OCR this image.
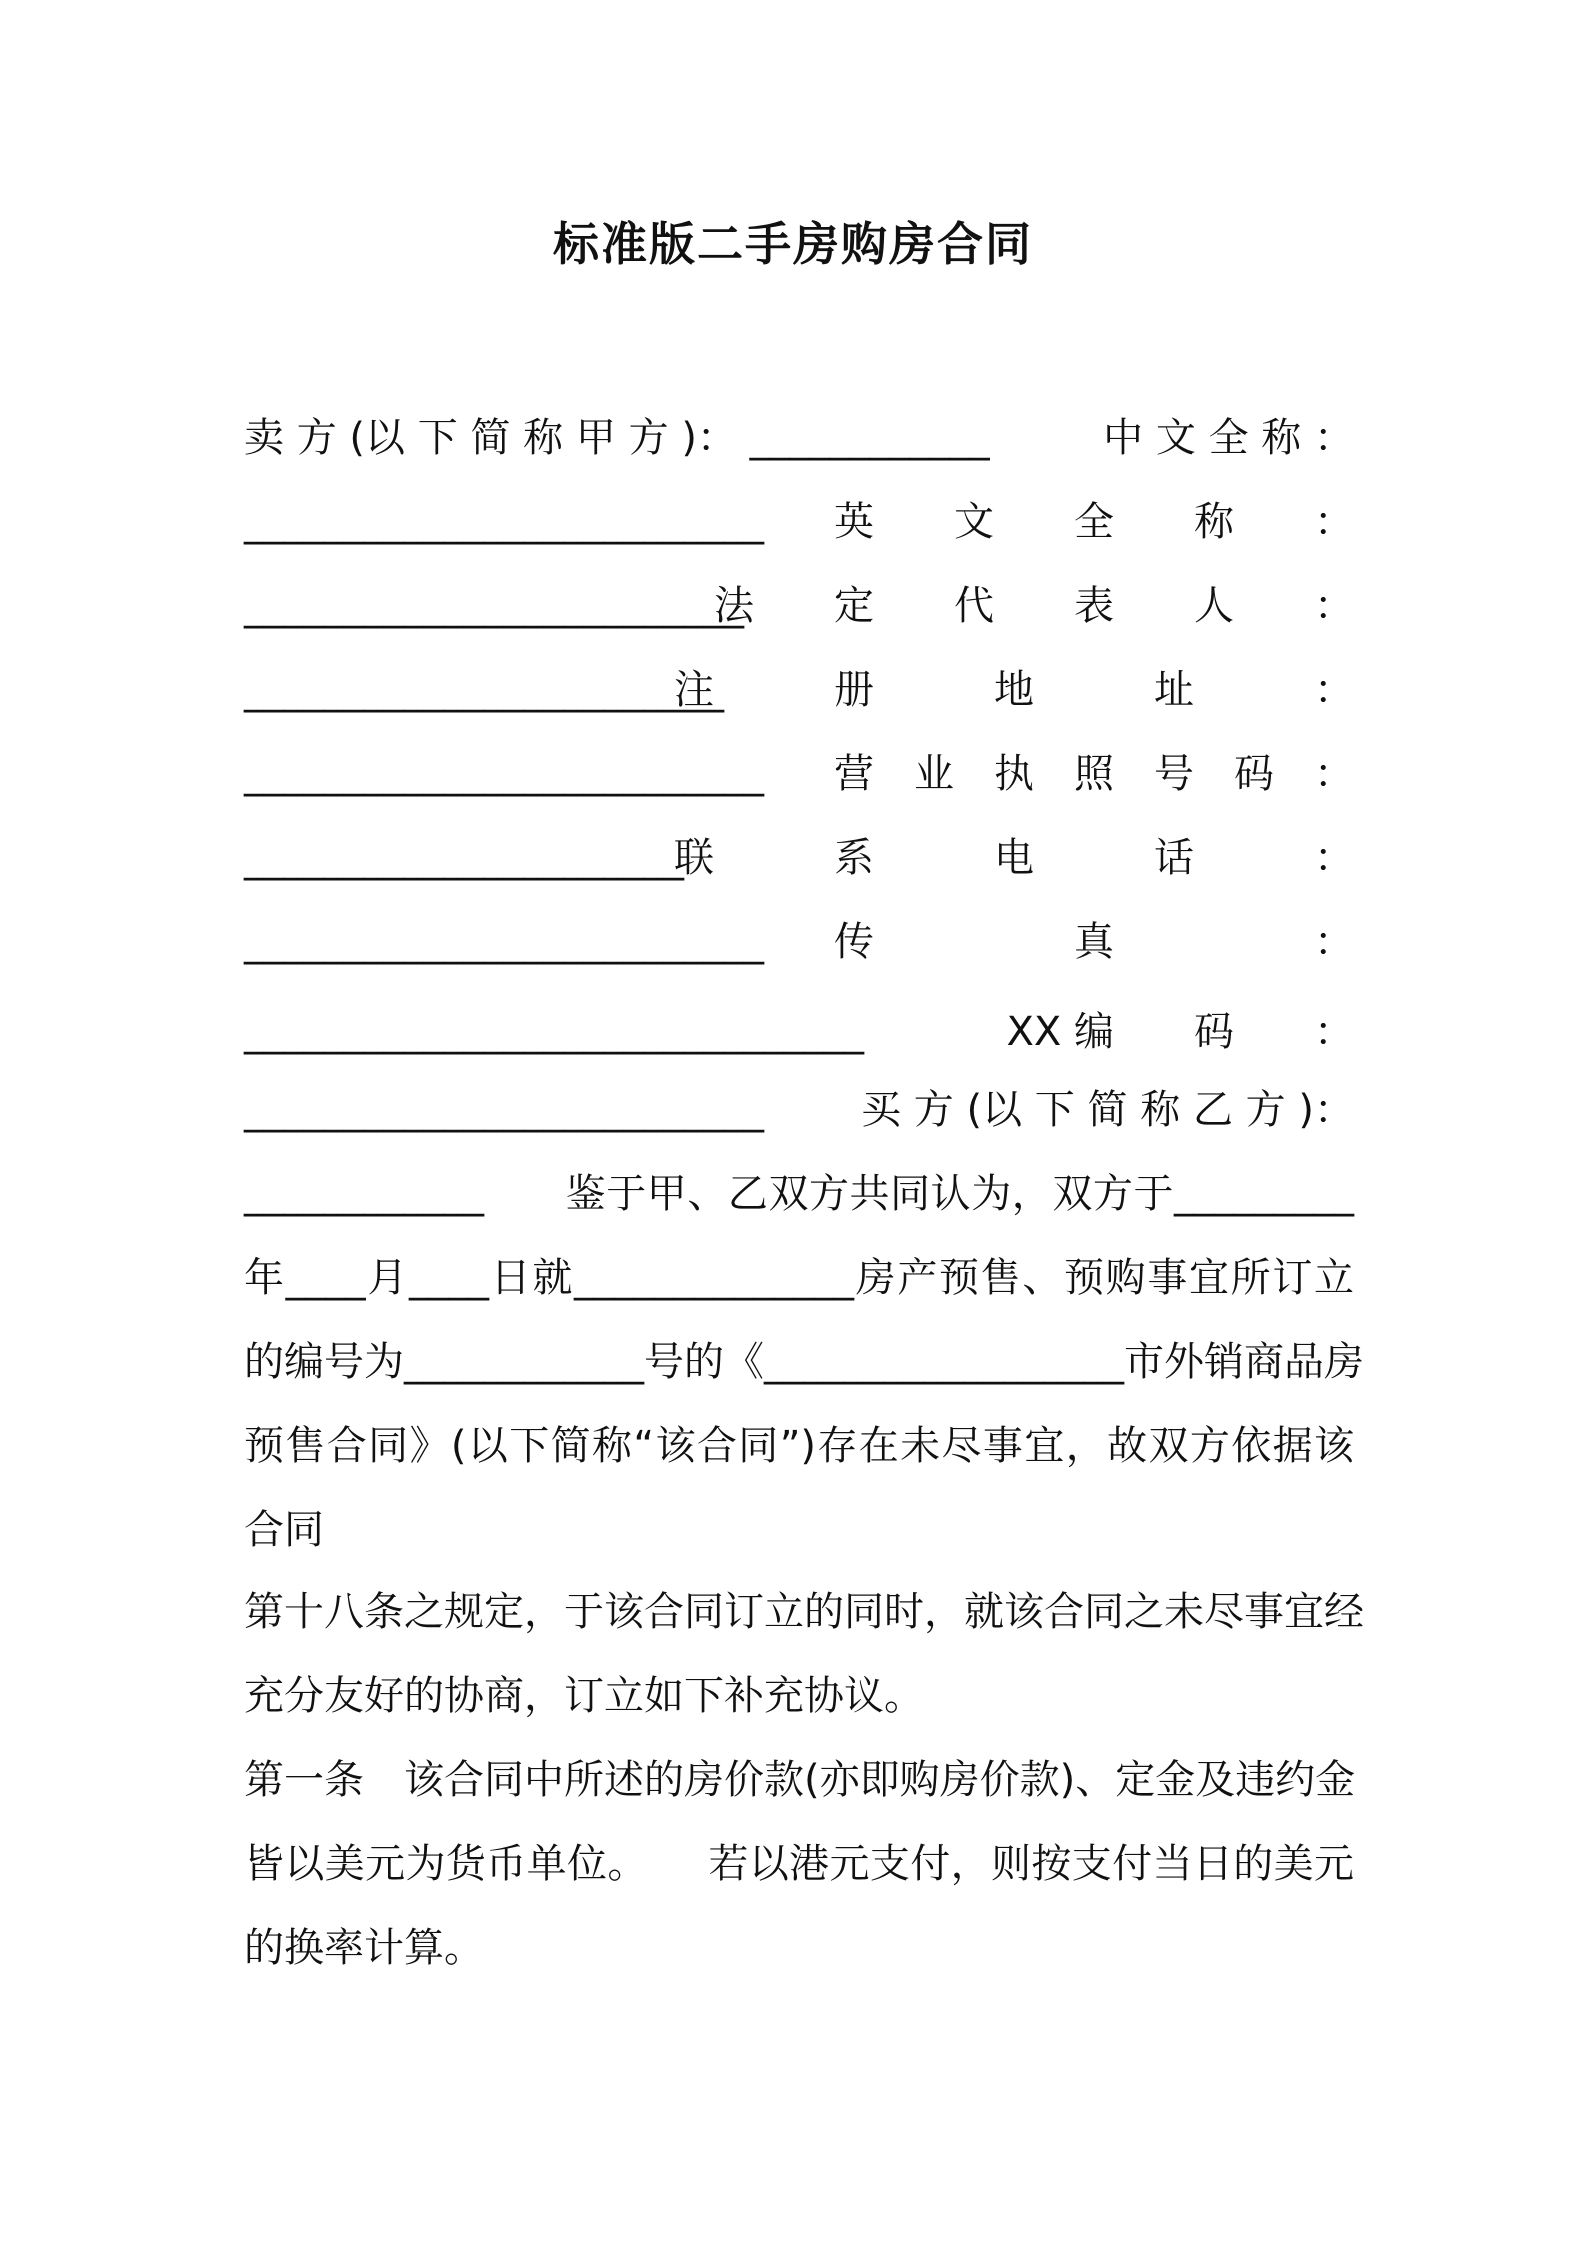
标准版二手房购房合同
卖 方 (以 下 简 称 甲 方 )： ____________	中 文 全 称 ：
__________________________ 英　　文　　全　　称　　：
_________________________
法　　定　　代　　表　　人　　：
________________________
注　　　册　　　地　　　址　　　：
__________________________ 营　业　执　照　号　码　：
______________________
联　　　系　　　电　　　话　　　：
__________________________ 传　　　　　真　　　　　：
_______________________________	XX 编　　码　　：
__________________________ 买 方 (以 下 简 称 乙 方 )：
____________　　鉴于甲、乙双方共同认为，双方于_________
年____月____日就______________房产预售、预购事宜所订立
的编号为____________号的《__________________市外销商品房
预售合同》(以下简称“该合同”)存在未尽事宜，故双方依据该
合同
第十八条之规定，于该合同订立的同时，就该合同之未尽事宜经
充分友好的协商，订立如下补充协议。
第一条　该合同中所述的房价款(亦即购房价款)、定金及违约金
皆以美元为货币单位。　　若以港元支付，则按支付当日的美元
的换率计算。
